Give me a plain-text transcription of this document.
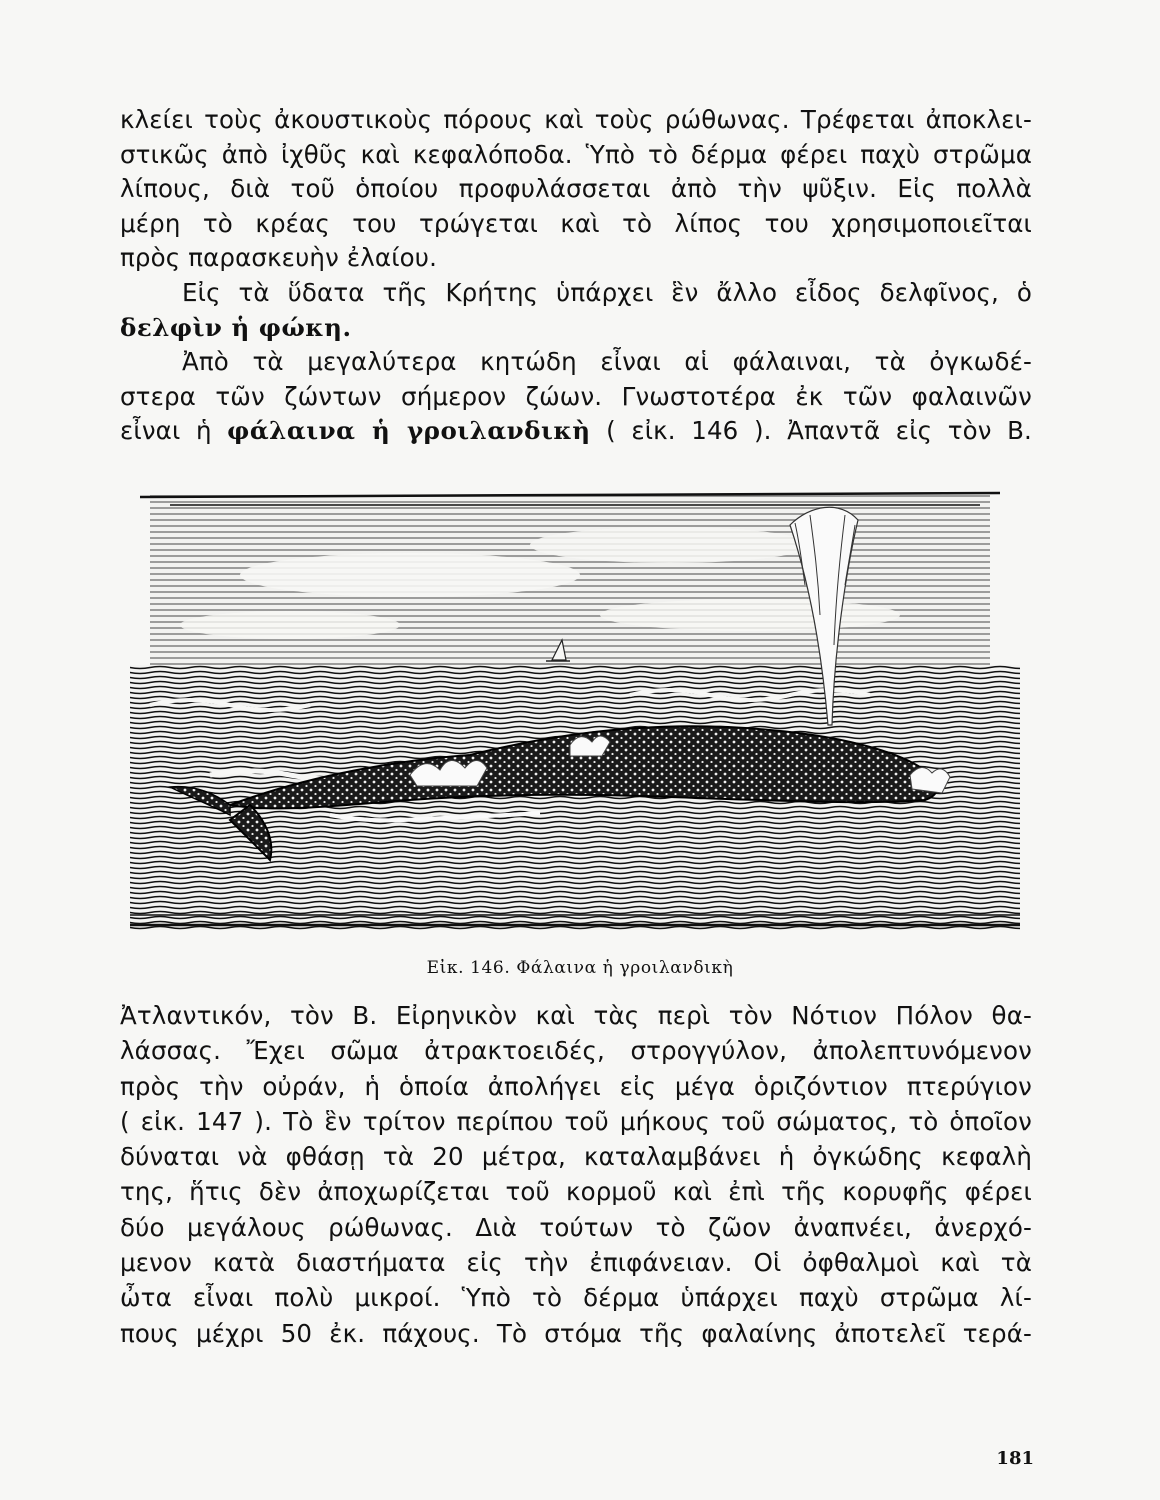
κλείει τοὺς ἀκουστικοὺς πόρους καὶ τοὺς ρώθωνας. Τρέφεται ἀποκλει-
στικῶς ἀπὸ ἰχθῦς καὶ κεφαλόποδα. Ὑπὸ τὸ δέρμα φέρει παχὺ στρῶμα
λίπους, διὰ τοῦ ὁποίου προφυλάσσεται ἀπὸ τὴν ψῦξιν. Εἰς πολλὰ
μέρη τὸ κρέας του τρώγεται καὶ τὸ λίπος του χρησιμοποιεῖται
πρὸς παρασκευὴν ἐλαίου.
Εἰς τὰ ὕδατα τῆς Κρήτης ὑπάρχει ἓν ἄλλο εἶδος δελφῖνος, ὁ
δελφὶν ἡ φώκη.
Ἀπὸ τὰ μεγαλύτερα κητώδη εἶναι αἱ φάλαιναι, τὰ ὀγκωδέ-
στερα τῶν ζώντων σήμερον ζώων. Γνωστοτέρα ἐκ τῶν φαλαινῶν
εἶναι ἡ φάλαινα ἡ γροιλανδικὴ ( εἰκ. 146 ). Ἀπαντᾶ εἰς τὸν Β.
Εἰκ. 146. Φάλαινα ἡ γροιλανδικὴ
Ἀτλαντικόν, τὸν Β. Εἰρηνικὸν καὶ τὰς περὶ τὸν Νότιον Πόλον θα-
λάσσας. Ἔχει σῶμα ἀτρακτοειδές, στρογγύλον, ἀπολεπτυνόμενον
πρὸς τὴν οὐράν, ἡ ὁποία ἀπολήγει εἰς μέγα ὁριζόντιον πτερύγιον
( εἰκ. 147 ). Τὸ ἓν τρίτον περίπου τοῦ μήκους τοῦ σώματος, τὸ ὁποῖον
δύναται νὰ φθάσῃ τὰ 20 μέτρα, καταλαμβάνει ἡ ὀγκώδης κεφαλὴ
της, ἥτις δὲν ἀποχωρίζεται τοῦ κορμοῦ καὶ ἐπὶ τῆς κορυφῆς φέρει
δύο μεγάλους ρώθωνας. Διὰ τούτων τὸ ζῶον ἀναπνέει, ἀνερχό-
μενον κατὰ διαστήματα εἰς τὴν ἐπιφάνειαν. Οἱ ὀφθαλμοὶ καὶ τὰ
ὦτα εἶναι πολὺ μικροί. Ὑπὸ τὸ δέρμα ὑπάρχει παχὺ στρῶμα λί-
πους μέχρι 50 ἐκ. πάχους. Τὸ στόμα τῆς φαλαίνης ἀποτελεῖ τερά-
181
